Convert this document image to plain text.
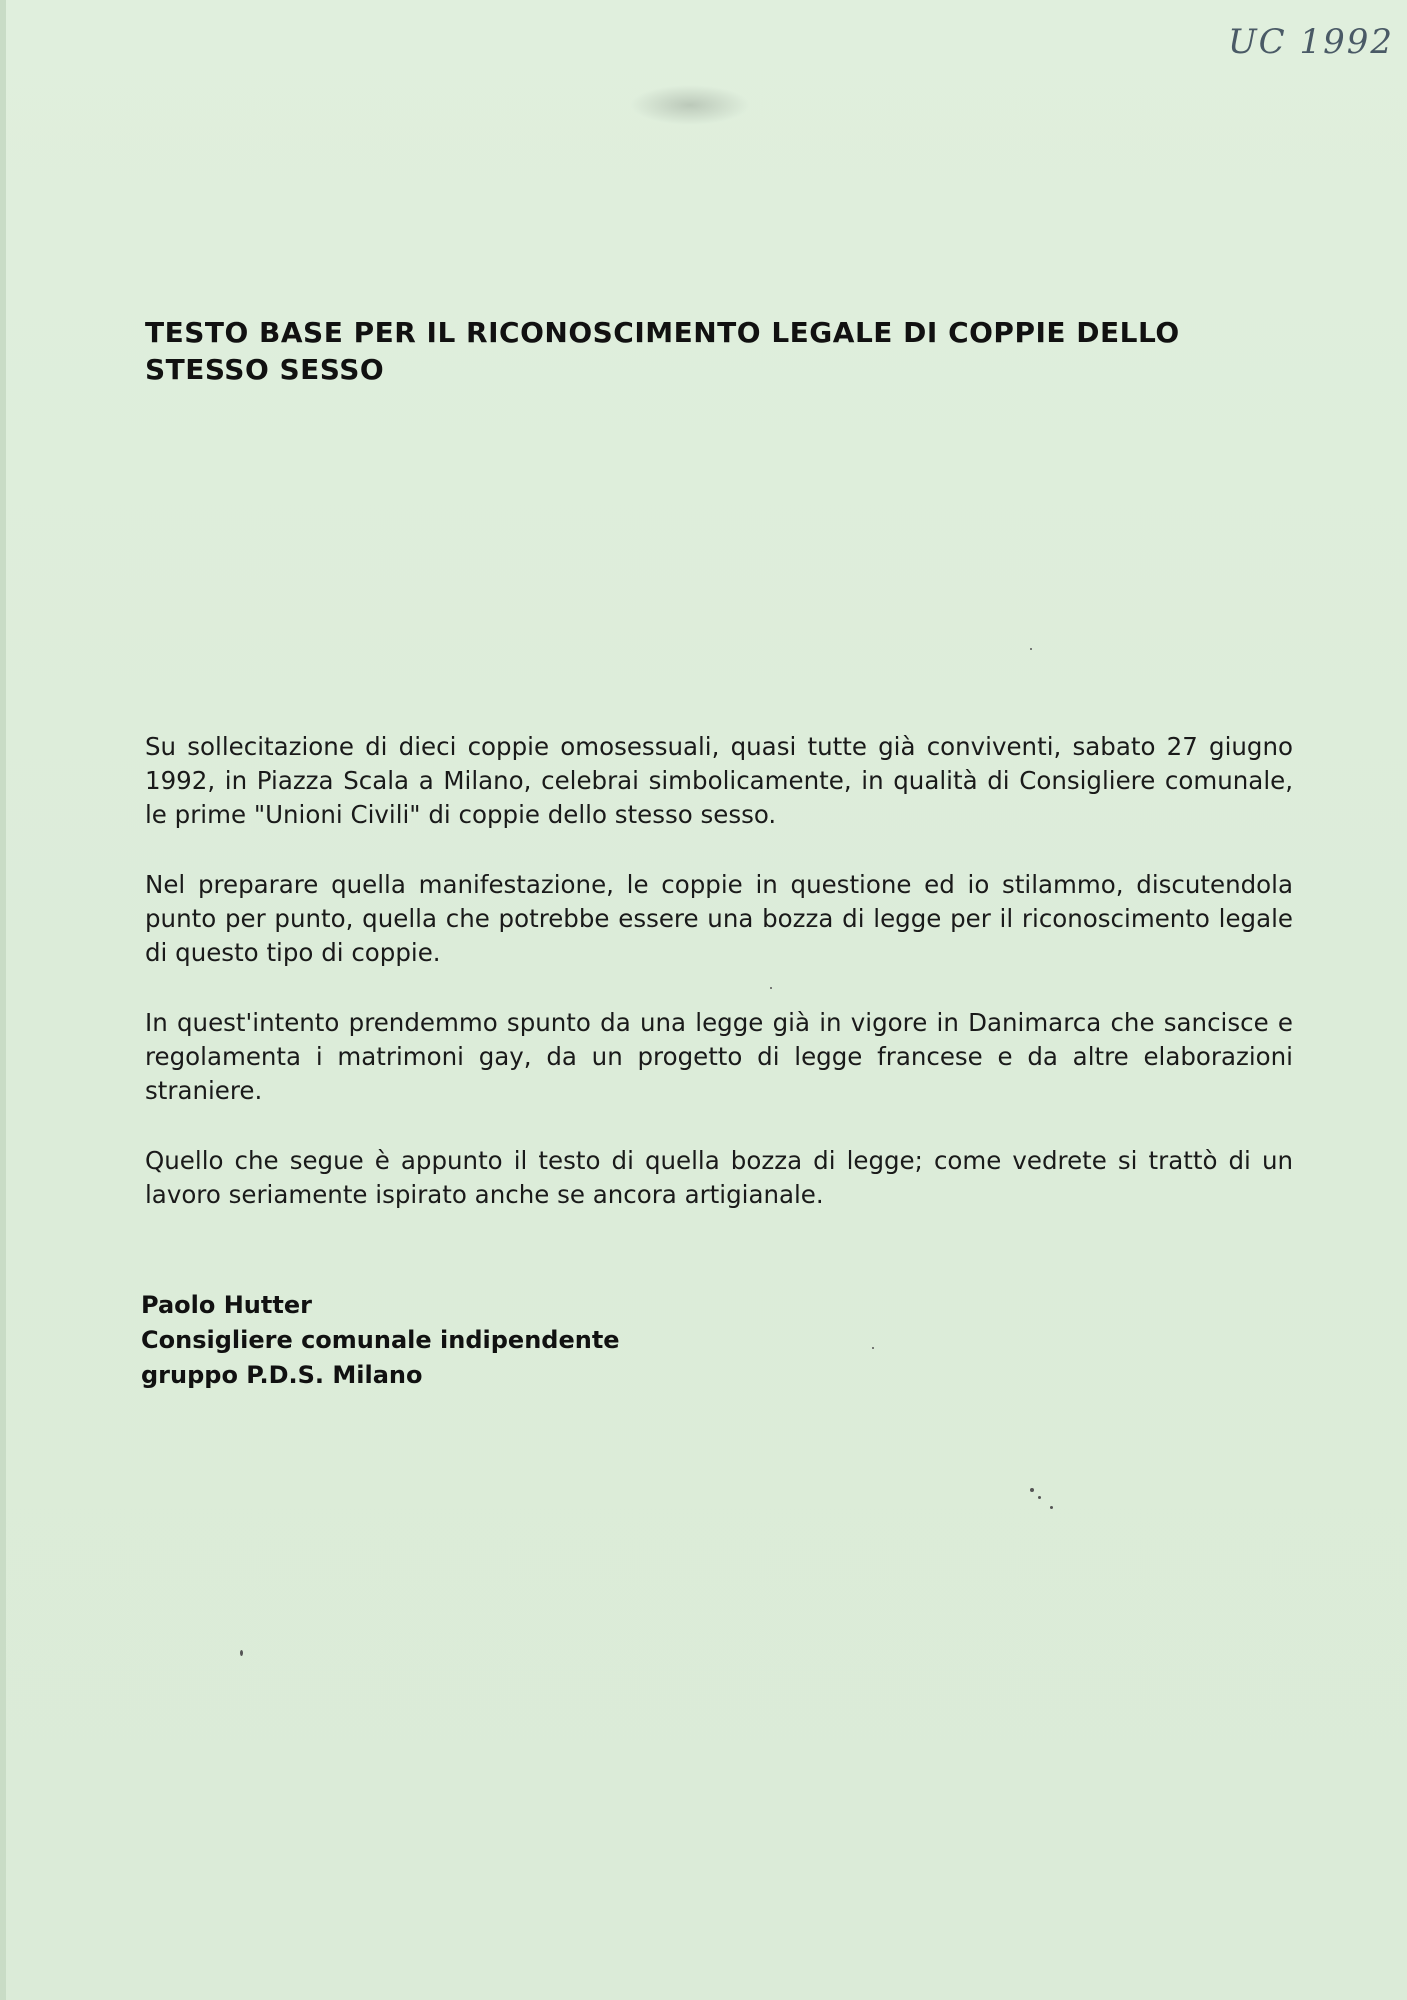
UC 1992
TESTO BASE PER IL RICONOSCIMENTO LEGALE DI COPPIE DELLO STESSO SESSO

Su sollecitazione di dieci coppie omosessuali, quasi tutte già conviventi, sabato 27 giugno 1992, in Piazza Scala a Milano, celebrai simbolicamente, in qualità di Consigliere comunale, le prime "Unioni Civili" di coppie dello stesso sesso.

Nel preparare quella manifestazione, le coppie in questione ed io stilammo, discutendola punto per punto, quella che potrebbe essere una bozza di legge per il riconoscimento legale di questo tipo di coppie.

In quest'intento prendemmo spunto da una legge già in vigore in Danimarca che sancisce e regolamenta i matrimoni gay, da un progetto di legge francese e da altre elaborazioni straniere.

Quello che segue è appunto il testo di quella bozza di legge; come vedrete si trattò di un lavoro seriamente ispirato anche se ancora artigianale.

Paolo Hutter
Consigliere comunale indipendente
gruppo P.D.S. Milano
